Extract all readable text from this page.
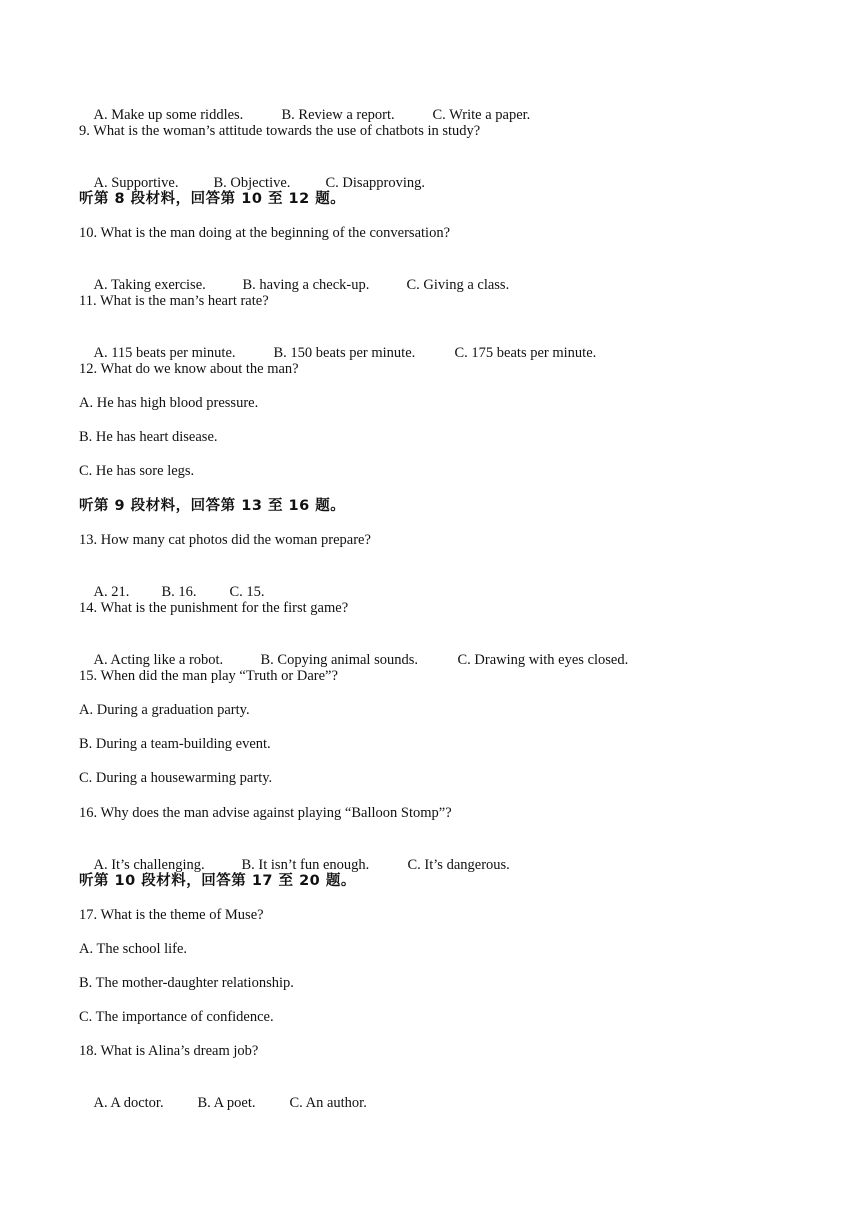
A. Make up some riddles.	B. Review a report.	C. Write a paper.

9. What is the woman’s attitude towards the use of chatbots in study?

A. Supportive. B. Objective. C. Disapproving.

听第 8 段材料，回答第 10 至 12 题。
10. What is the man doing at the beginning of the conversation?

A. Taking exercise.	B. having a check-up.	C. Giving a class.

11. What is the man’s heart rate?

A. 115 beats per minute.	B. 150 beats per minute.	C. 175 beats per minute.

12. What do we know about the man?
A. He has high blood pressure.
B. He has heart disease.
C. He has sore legs.
听第 9 段材料，回答第 13 至 16 题。
13. How many cat photos did the woman prepare?

A. 21. B. 16. C. 15.

14. What is the punishment for the first game?

A. Acting like a robot.	B. Copying animal sounds.	C. Drawing with eyes closed.

15. When did the man play “Truth or Dare”?
A. During a graduation party.
B. During a team-building event.
C. During a housewarming party.
16. Why does the man advise against playing “Balloon Stomp”?

A. It’s challenging.	B. It isn’t fun enough.	C. It’s dangerous.

听第 10 段材料，回答第 17 至 20 题。
17. What is the theme of Muse?
A. The school life.
B. The mother-daughter relationship.
C. The importance of confidence.
18. What is Alina’s dream job?

A. A doctor. B. A poet. C. An author.
